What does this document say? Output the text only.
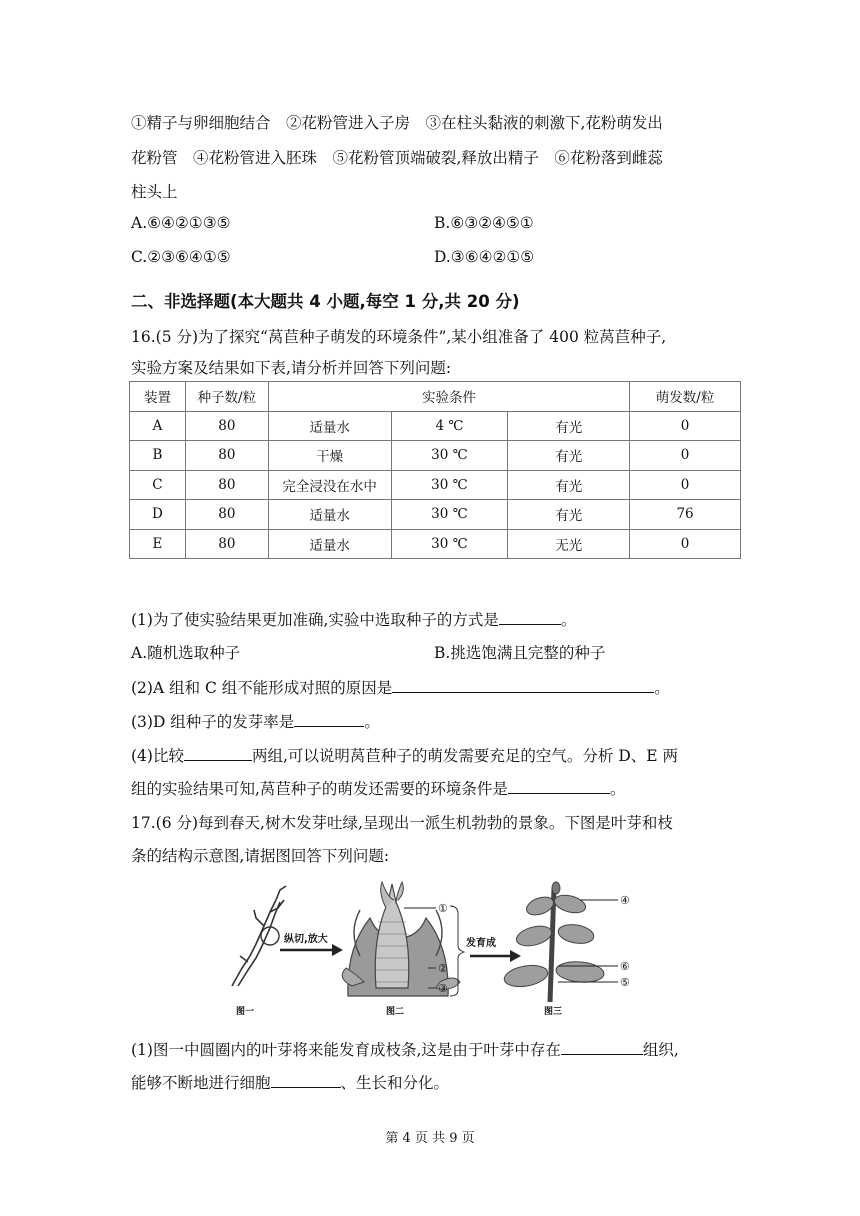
①精子与卵细胞结合　②花粉管进入子房　③在柱头黏液的刺激下,花粉萌发出
花粉管　④花粉管进入胚珠　⑤花粉管顶端破裂,释放出精子　⑥花粉落到雌蕊
柱头上
A.⑥④②①③⑤	B.⑥③②④⑤①
C.②③⑥④①⑤	D.③⑥④②①⑤
二、非选择题(本大题共 4 小题,每空 1 分,共 20 分)
16.(5 分)为了探究“莴苣种子萌发的环境条件”,某小组准备了 400 粒莴苣种子,
实验方案及结果如下表,请分析并回答下列问题:
装置	种子数/粒	实验条件			萌发数/粒
A	80	适量水	4 ℃	有光	0
B	80	干燥	30 ℃	有光	0
C	80	完全浸没在水中	30 ℃	有光	0
D	80	适量水	30 ℃	有光	76
E	80	适量水	30 ℃	无光	0
(1)为了使实验结果更加准确,实验中选取种子的方式是	。
A.随机选取种子	B.挑选饱满且完整的种子
(2)A 组和 C 组不能形成对照的原因是	。
(3)D 组种子的发芽率是	。
(4)比较	两组,可以说明莴苣种子的萌发需要充足的空气。分析 D、E 两
组的实验结果可知,莴苣种子的萌发还需要的环境条件是	。
17.(6 分)每到春天,树木发芽吐绿,呈现出一派生机勃勃的景象。下图是叶芽和枝
条的结构示意图,请据图回答下列问题:
纵切,放大
①
②
③
发育成
④
⑤
⑥
图一	图二	图三
(1)图一中圆圈内的叶芽将来能发育成枝条,这是由于叶芽中存在	组织,
能够不断地进行细胞	、生长和分化。
第 4 页 共 9 页
